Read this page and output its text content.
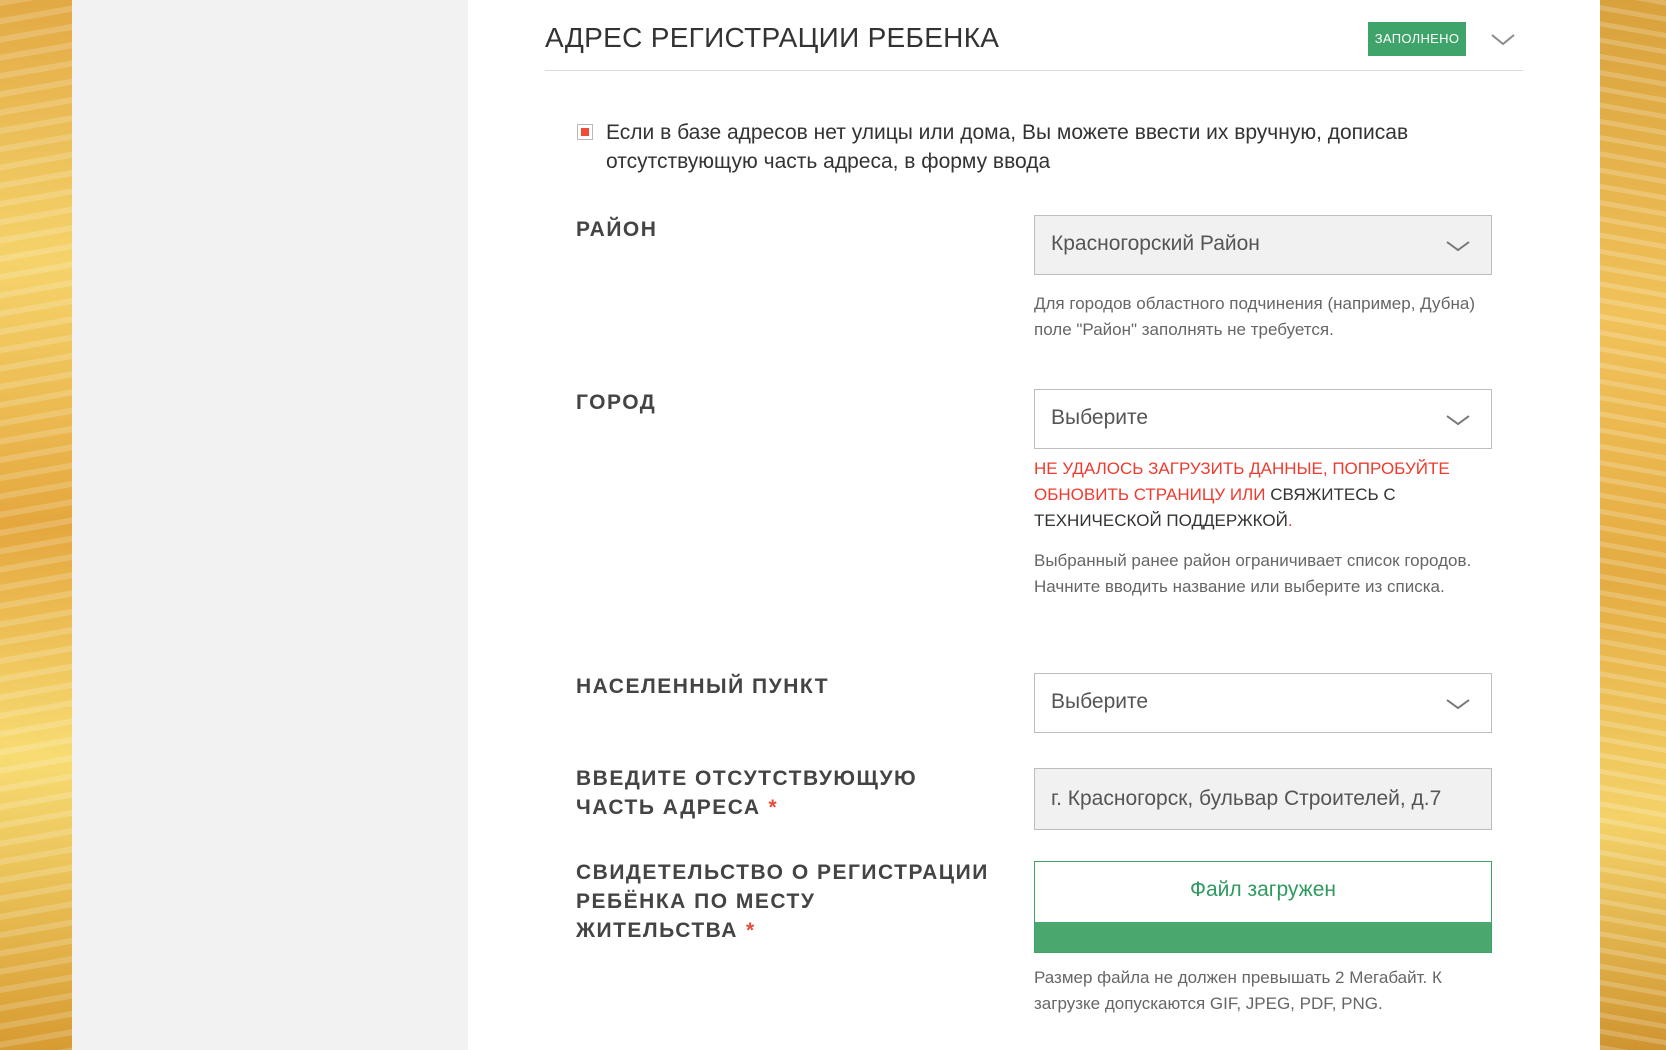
АДРЕС РЕГИСТРАЦИИ РЕБЕНКА	ЗАПОЛНЕНО
Если в базе адресов нет улицы или дома, Вы можете ввести их вручную, дописав отсутствующую часть адреса, в форму ввода
РАЙОН
Красногорский Район
Для городов областного подчинения (например, Дубна) поле "Район" заполнять не требуется.
ГОРОД
Выберите
НЕ УДАЛОСЬ ЗАГРУЗИТЬ ДАННЫЕ, ПОПРОБУЙТЕ ОБНОВИТЬ СТРАНИЦУ ИЛИ СВЯЖИТЕСЬ С ТЕХНИЧЕСКОЙ ПОДДЕРЖКОЙ.
Выбранный ранее район ограничивает список городов. Начните вводить название или выберите из списка.
НАСЕЛЕННЫЙ ПУНКТ
Выберите
ВВЕДИТЕ ОТСУТСТВУЮЩУЮ ЧАСТЬ АДРЕСА *
г. Красногорск, бульвар Строителей, д.7
СВИДЕТЕЛЬСТВО О РЕГИСТРАЦИИ РЕБЁНКА ПО МЕСТУ ЖИТЕЛЬСТВА *
Файл загружен
Размер файла не должен превышать 2 Мегабайт. К загрузке допускаются GIF, JPEG, PDF, PNG.
